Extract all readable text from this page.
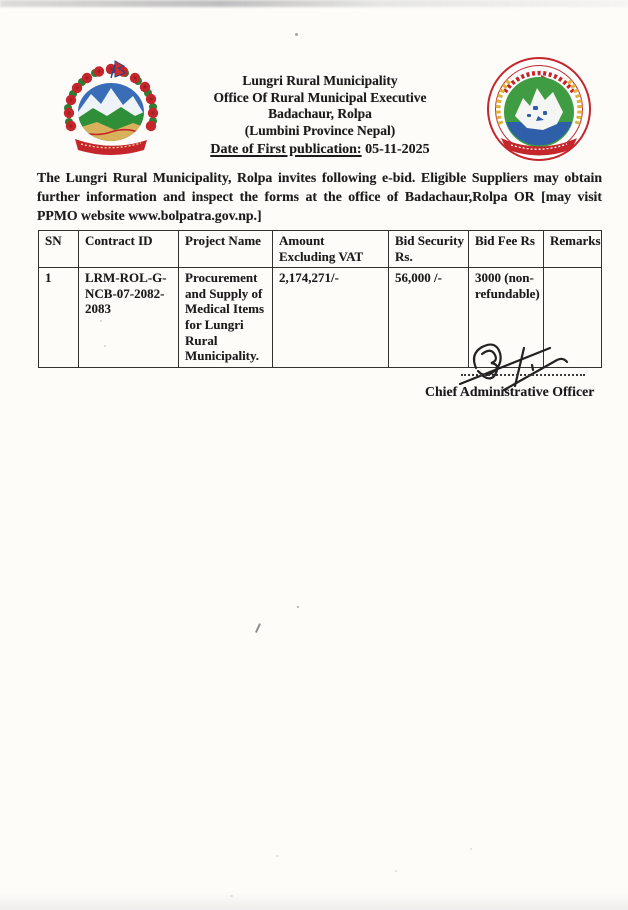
Lungri Rural Municipality
Office Of Rural Municipal Executive
Badachaur, Rolpa
(Lumbini Province Nepal)
Date of First publication: 05-11-2025

The Lungri Rural Municipality, Rolpa invites following e-bid. Eligible Suppliers may obtain further information and inspect the forms at the office of Badachaur,Rolpa OR [may visit PPMO website www.bolpatra.gov.np.]

SN	Contract ID	Project Name	Amount Excluding VAT	Bid Security Rs.	Bid Fee Rs	Remarks
1	LRM-ROL-G-NCB-07-2082-2083	Procurement and Supply of Medical Items for Lungri Rural Municipality.	2,174,271/-	56,000 /-	3000 (non-refundable)	
Chief Administrative Officer
